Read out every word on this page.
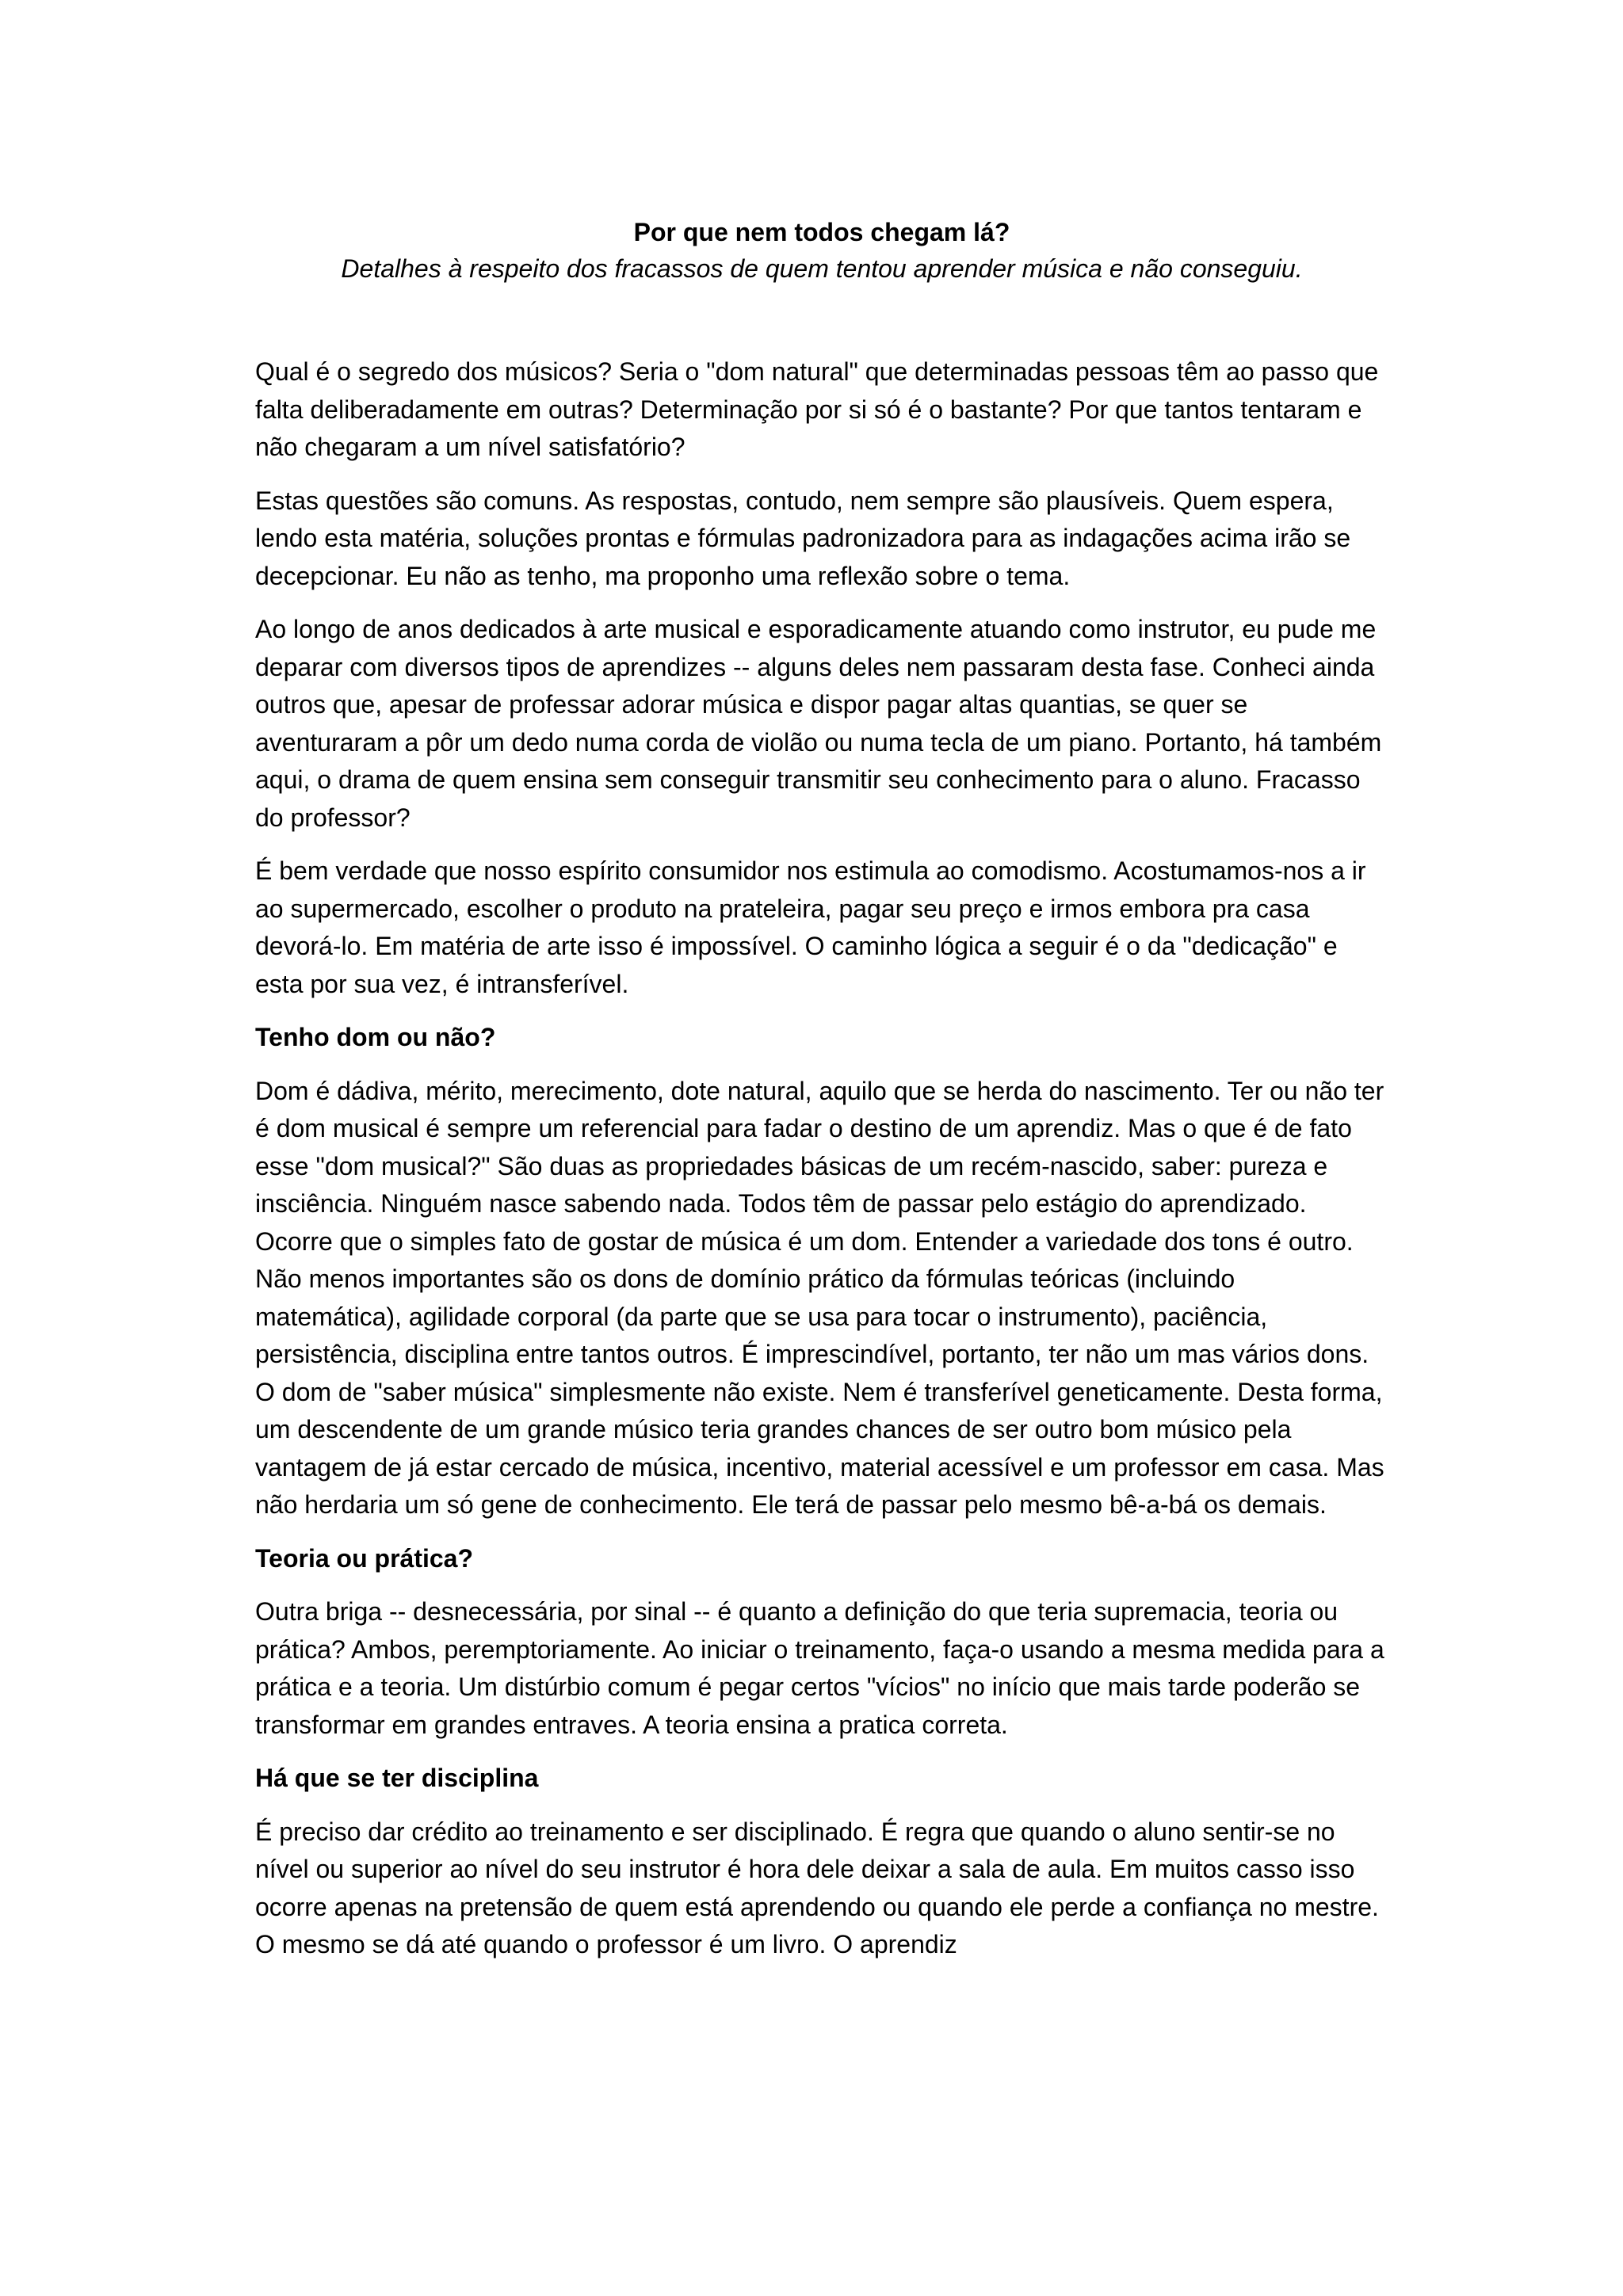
Por que nem todos chegam lá?

Detalhes à respeito dos fracassos de quem tentou aprender música e não conseguiu.

Qual é o segredo dos músicos? Seria o "dom natural" que determinadas pessoas têm ao passo que falta deliberadamente em outras? Determinação por si só é o bastante? Por que tantos tentaram e não chegaram a um nível satisfatório?

Estas questões são comuns. As respostas, contudo, nem sempre são plausíveis. Quem espera, lendo esta matéria, soluções prontas e fórmulas padronizadora para as indagações acima irão se decepcionar. Eu não as tenho, ma proponho uma reflexão sobre o tema.

Ao longo de anos dedicados à arte musical e esporadicamente atuando como instrutor, eu pude me deparar com diversos tipos de aprendizes -- alguns deles nem passaram desta fase. Conheci ainda outros que, apesar de professar adorar música e dispor pagar altas quantias, se quer se aventuraram a pôr um dedo numa corda de violão ou numa tecla de um piano. Portanto, há também aqui, o drama de quem ensina sem conseguir transmitir seu conhecimento para o aluno. Fracasso do professor?

É bem verdade que nosso espírito consumidor nos estimula ao comodismo. Acostumamos-nos a ir ao supermercado, escolher o produto na prateleira, pagar seu preço e irmos embora pra casa devorá-lo. Em matéria de arte isso é impossível. O caminho lógica a seguir é o da "dedicação" e esta por sua vez, é intransferível.

Tenho dom ou não?

Dom é dádiva, mérito, merecimento, dote natural, aquilo que se herda do nascimento. Ter ou não ter é dom musical é sempre um referencial para fadar o destino de um aprendiz. Mas o que é de fato esse "dom musical?" São duas as propriedades básicas de um recém-nascido, saber: pureza e insciência. Ninguém nasce sabendo nada. Todos têm de passar pelo estágio do aprendizado. Ocorre que o simples fato de gostar de música é um dom. Entender a variedade dos tons é outro. Não menos importantes são os dons de domínio prático da fórmulas teóricas (incluindo matemática), agilidade corporal (da parte que se usa para tocar o instrumento), paciência, persistência, disciplina entre tantos outros. É imprescindível, portanto, ter não um mas vários dons. O dom de "saber música" simplesmente não existe. Nem é transferível geneticamente. Desta forma, um descendente de um grande músico teria grandes chances de ser outro bom músico pela vantagem de já estar cercado de música, incentivo, material acessível e um professor em casa. Mas não herdaria um só gene de conhecimento. Ele terá de passar pelo mesmo bê-a-bá os demais.

Teoria ou prática?

Outra briga -- desnecessária, por sinal -- é quanto a definição do que teria supremacia, teoria ou prática? Ambos, peremptoriamente. Ao iniciar o treinamento, faça-o usando a mesma medida para a prática e a teoria. Um distúrbio comum é pegar certos "vícios" no início que mais tarde poderão se transformar em grandes entraves. A teoria ensina a pratica correta.

Há que se ter disciplina

É preciso dar crédito ao treinamento e ser disciplinado. É regra que quando o aluno sentir-se no nível ou superior ao nível do seu instrutor é hora dele deixar a sala de aula. Em muitos casso isso ocorre apenas na pretensão de quem está aprendendo ou quando ele perde a confiança no mestre. O mesmo se dá até quando o professor é um livro. O aprendiz
